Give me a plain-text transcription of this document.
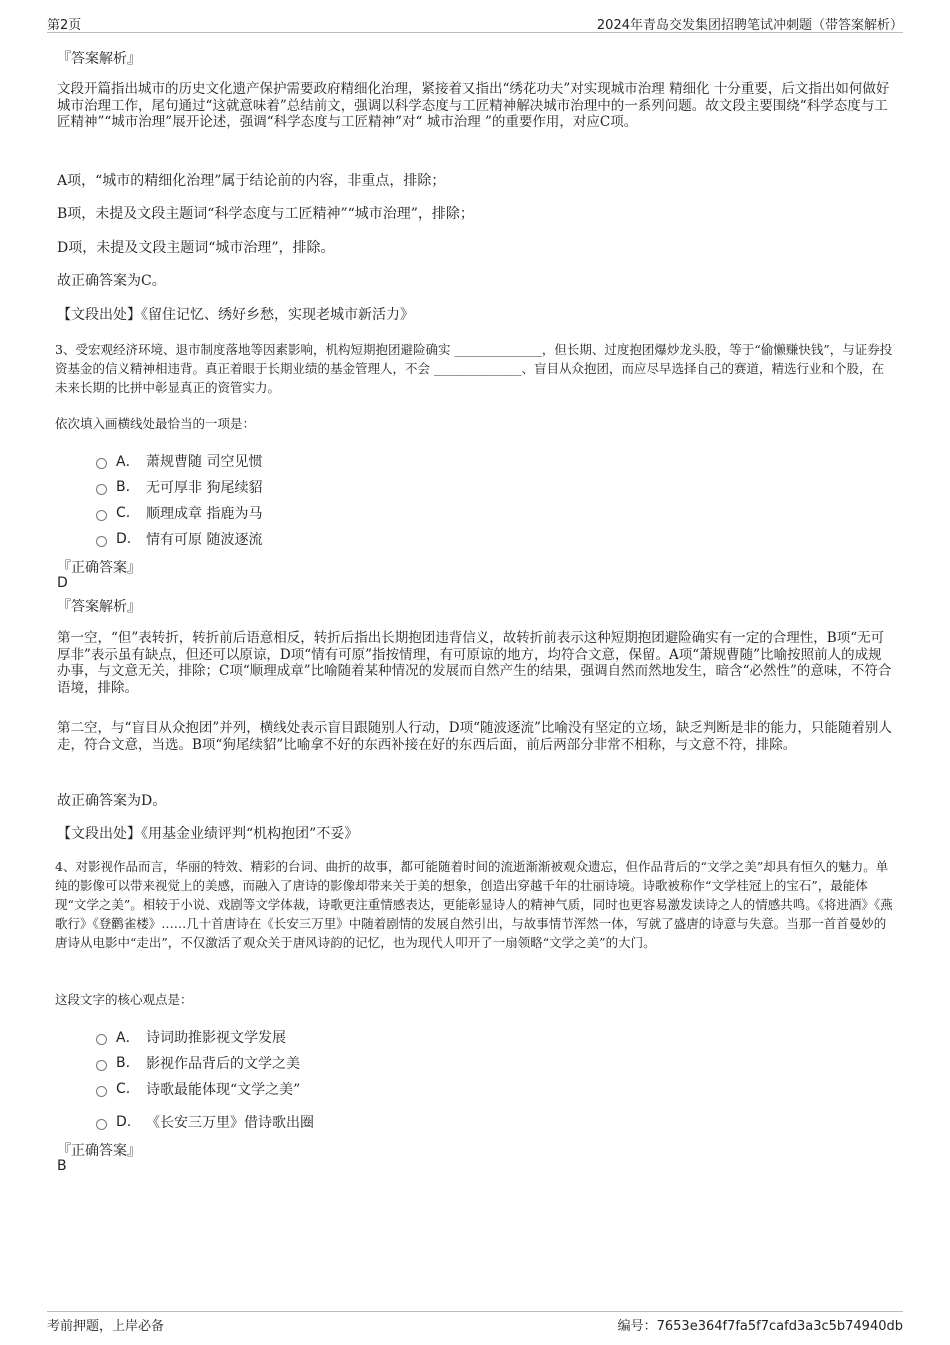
第2页	2024年青岛交发集团招聘笔试冲刺题（带答案解析）
『答案解析』
文段开篇指出城市的历史文化遗产保护需要政府精细化治理，紧接着又指出“绣花功夫”对实现城市治理 精细化 十分重要，后文指出如何做好城市治理工作，尾句通过“这就意味着”总结前文，强调以科学态度与工匠精神解决城市治理中的一系列问题。故文段主要围绕“科学态度与工匠精神”“城市治理”展开论述，强调“科学态度与工匠精神”对“ 城市治理 ”的重要作用，对应C项。
A项，“城市的精细化治理”属于结论前的内容，非重点，排除；
B项，未提及文段主题词“科学态度与工匠精神”“城市治理”，排除；
D项，未提及文段主题词“城市治理”，排除。
故正确答案为C。
【文段出处】《留住记忆、绣好乡愁，实现老城市新活力》
3、受宏观经济环境、退市制度落地等因素影响，机构短期抱团避险确实 ______________，但长期、过度抱团爆炒龙头股，等于“偷懒赚快钱”，与证券投资基金的信义精神相违背。真正着眼于长期业绩的基金管理人，不会 ______________、盲目从众抱团，而应尽早选择自己的赛道，精选行业和个股，在未来长期的比拼中彰显真正的资管实力。
依次填入画横线处最恰当的一项是：
A． 萧规曹随 司空见惯
B.	无可厚非 狗尾续貂
C.	顺理成章 指鹿为马
D.	情有可原 随波逐流
『正确答案』
D
『答案解析』
第一空，“但”表转折，转折前后语意相反，转折后指出长期抱团违背信义，故转折前表示这种短期抱团避险确实有一定的合理性，B项“无可厚非”表示虽有缺点，但还可以原谅，D项“情有可原”指按情理，有可原谅的地方，均符合文意，保留。A项“萧规曹随”比喻按照前人的成规办事，与文意无关，排除；C项“顺理成章”比喻随着某种情况的发展而自然产生的结果，强调自然而然地发生，暗含“必然性”的意味，不符合语境，排除。
第二空，与“盲目从众抱团”并列，横线处表示盲目跟随别人行动，D项“随波逐流”比喻没有坚定的立场，缺乏判断是非的能力，只能随着别人走，符合文意，当选。B项“狗尾续貂”比喻拿不好的东西补接在好的东西后面，前后两部分非常不相称，与文意不符，排除。
故正确答案为D。
【文段出处】《用基金业绩评判“机构抱团”不妥》
4、对影视作品而言，华丽的特效、精彩的台词、曲折的故事，都可能随着时间的流逝渐渐被观众遗忘，但作品背后的“文学之美”却具有恒久的魅力。单纯的影像可以带来视觉上的美感，而融入了唐诗的影像却带来关于美的想象，创造出穿越千年的壮丽诗境。诗歌被称作“文学桂冠上的宝石”，最能体现“文学之美”。相较于小说、戏剧等文学体裁，诗歌更注重情感表达，更能彰显诗人的精神气质，同时也更容易激发读诗之人的情感共鸣。《将进酒》《燕歌行》《登鹳雀楼》……几十首唐诗在《长安三万里》中随着剧情的发展自然引出，与故事情节浑然一体，写就了盛唐的诗意与失意。当那一首首曼妙的唐诗从电影中“走出”，不仅激活了观众关于唐风诗韵的记忆，也为现代人叩开了一扇领略“文学之美”的大门。
这段文字的核心观点是：
A． 诗词助推影视文学发展
B.	影视作品背后的文学之美
C.	诗歌最能体现“文学之美”
D.	《长安三万里》借诗歌出圈
『正确答案』
B
考前押题，上岸必备	编号：7653e364f7fa5f7cafd3a3c5b74940db
